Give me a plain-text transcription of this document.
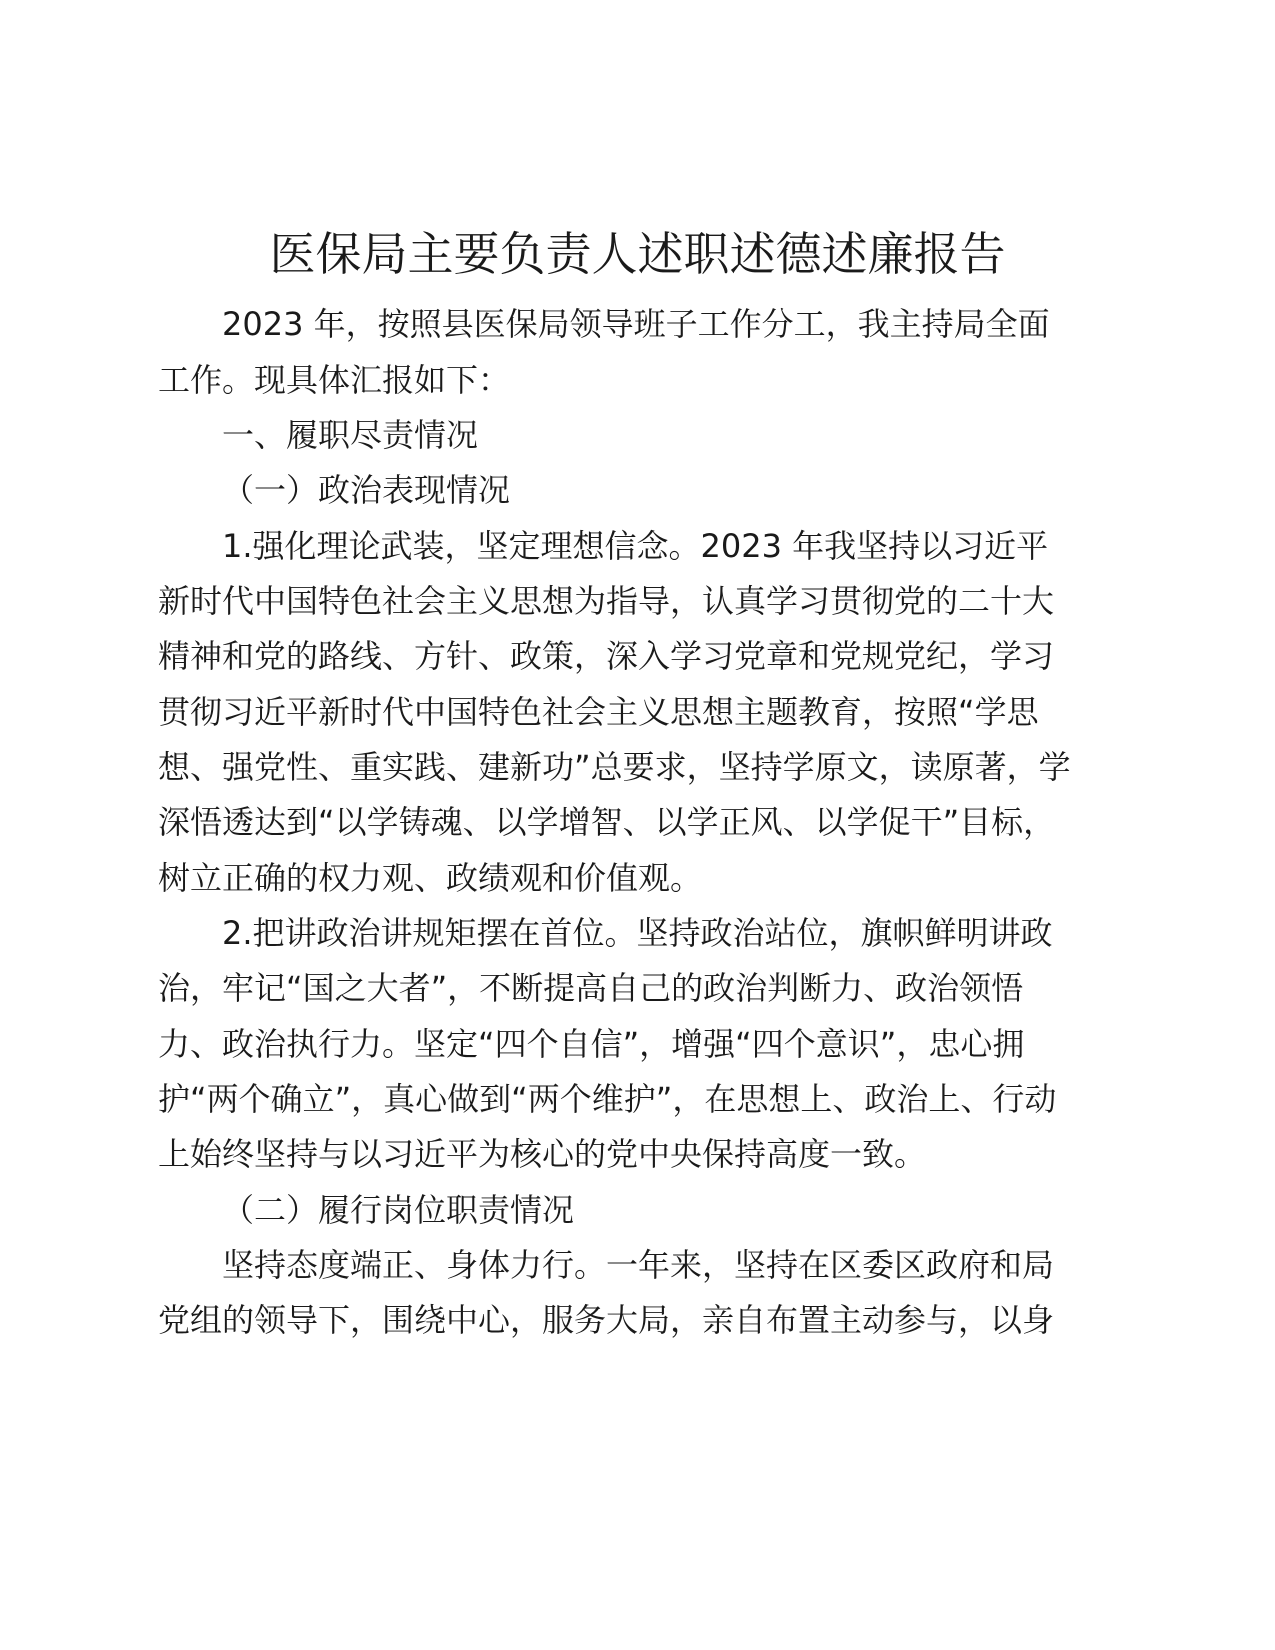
医保局主要负责人述职述德述廉报告
2023 年，按照县医保局领导班子工作分工，我主持局全面
工作。现具体汇报如下：
一、履职尽责情况
（一）政治表现情况
1.强化理论武装，坚定理想信念。2023 年我坚持以习近平
新时代中国特色社会主义思想为指导，认真学习贯彻党的二十大
精神和党的路线、方针、政策，深入学习党章和党规党纪，学习
贯彻习近平新时代中国特色社会主义思想主题教育，按照“学思
想、强党性、重实践、建新功”总要求，坚持学原文，读原著，学
深悟透达到“以学铸魂、以学增智、以学正风、以学促干”目标，
树立正确的权力观、政绩观和价值观。
2.把讲政治讲规矩摆在首位。坚持政治站位，旗帜鲜明讲政
治，牢记“国之大者”，不断提高自己的政治判断力、政治领悟
力、政治执行力。坚定“四个自信”，增强“四个意识”，忠心拥
护“两个确立”，真心做到“两个维护”，在思想上、政治上、行动
上始终坚持与以习近平为核心的党中央保持高度一致。
（二）履行岗位职责情况
坚持态度端正、身体力行。一年来，坚持在区委区政府和局
党组的领导下，围绕中心，服务大局，亲自布置主动参与，以身
